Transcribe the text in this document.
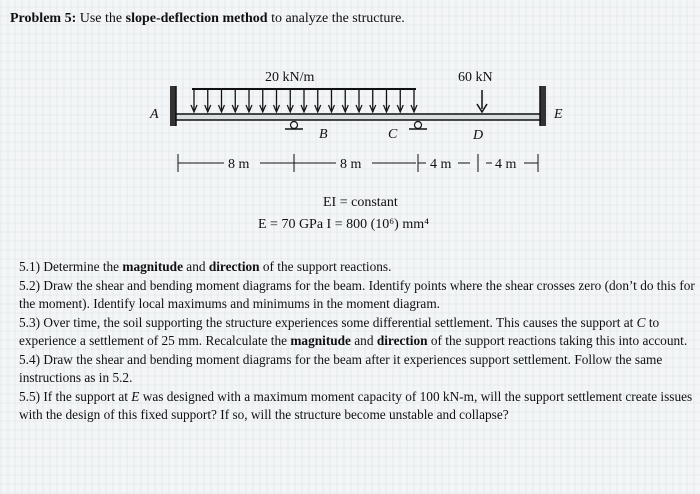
Problem 5: Use the slope-deflection method to analyze the structure.
20 kN/m	60 kN
A
B	C	D
E
8 m	8 m	4 m	4 m
EI = constant
E = 70 GPa I = 800 (10⁶) mm⁴

5.1) Determine the magnitude and direction of the support reactions.

5.2) Draw the shear and bending moment diagrams for the beam. Identify points where the shear crosses zero (don’t do this for the moment). Identify local maximums and minimums in the moment diagram.

5.3) Over time, the soil supporting the structure experiences some differential settlement. This causes the support at C to experience a settlement of 25 mm. Recalculate the magnitude and direction of the support reactions taking this into account.

5.4) Draw the shear and bending moment diagrams for the beam after it experiences support settlement. Follow the same instructions as in 5.2.

5.5) If the support at E was designed with a maximum moment capacity of 100 kN-m, will the support settlement create issues with the design of this fixed support? If so, will the structure become unstable and collapse?
